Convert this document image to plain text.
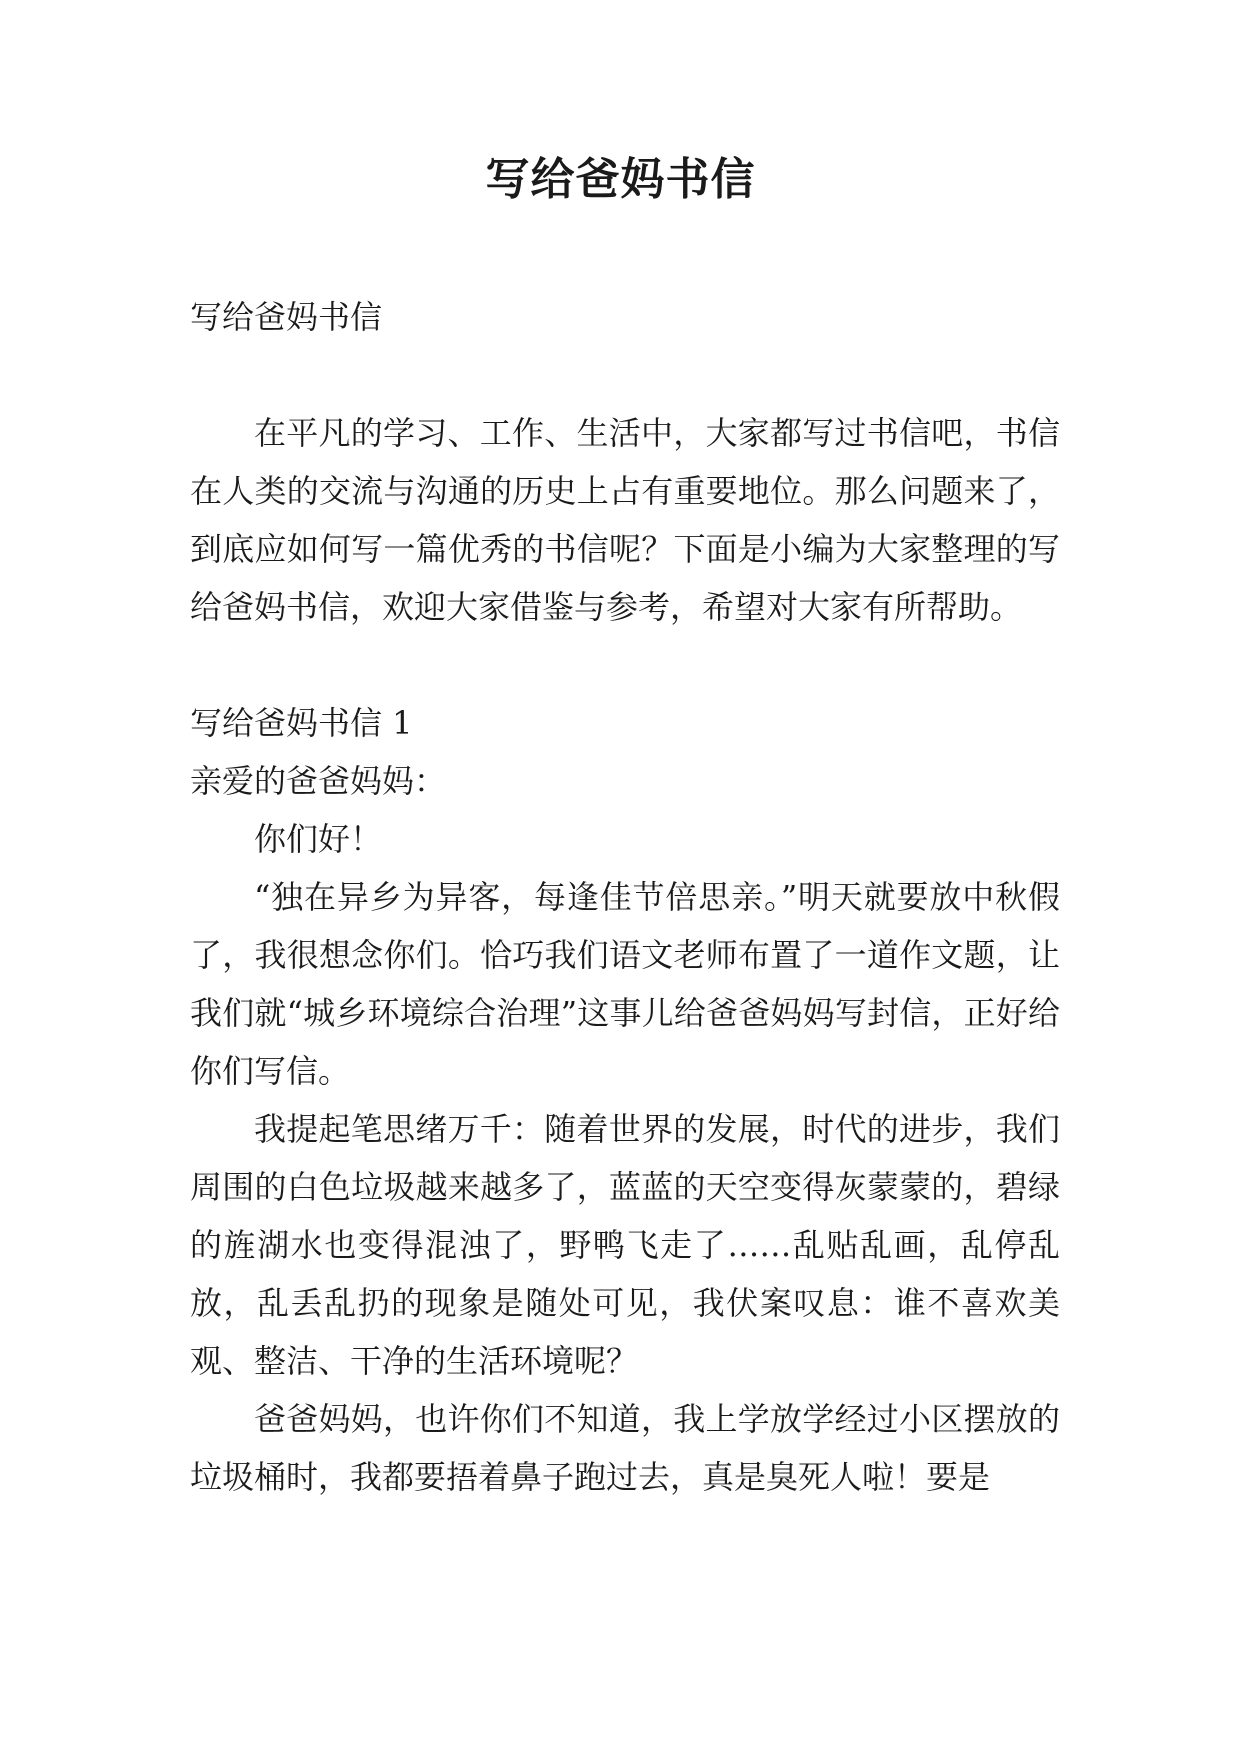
写给爸妈书信

写给爸妈书信

在平凡的学习、工作、生活中，大家都写过书信吧，书信在人类的交流与沟通的历史上占有重要地位。那么问题来了，到底应如何写一篇优秀的书信呢？下面是小编为大家整理的写给爸妈书信，欢迎大家借鉴与参考，希望对大家有所帮助。

写给爸妈书信 1

亲爱的爸爸妈妈：

你们好！

“独在异乡为异客，每逢佳节倍思亲。”明天就要放中秋假了，我很想念你们。恰巧我们语文老师布置了一道作文题，让我们就“城乡环境综合治理”这事儿给爸爸妈妈写封信，正好给你们写信。

我提起笔思绪万千：随着世界的发展，时代的进步，我们周围的白色垃圾越来越多了，蓝蓝的天空变得灰蒙蒙的，碧绿的旌湖水也变得混浊了，野鸭飞走了……乱贴乱画，乱停乱放，乱丢乱扔的现象是随处可见，我伏案叹息：谁不喜欢美观、整洁、干净的生活环境呢？

爸爸妈妈，也许你们不知道，我上学放学经过小区摆放的垃圾桶时，我都要捂着鼻子跑过去，真是臭死人啦！要是
